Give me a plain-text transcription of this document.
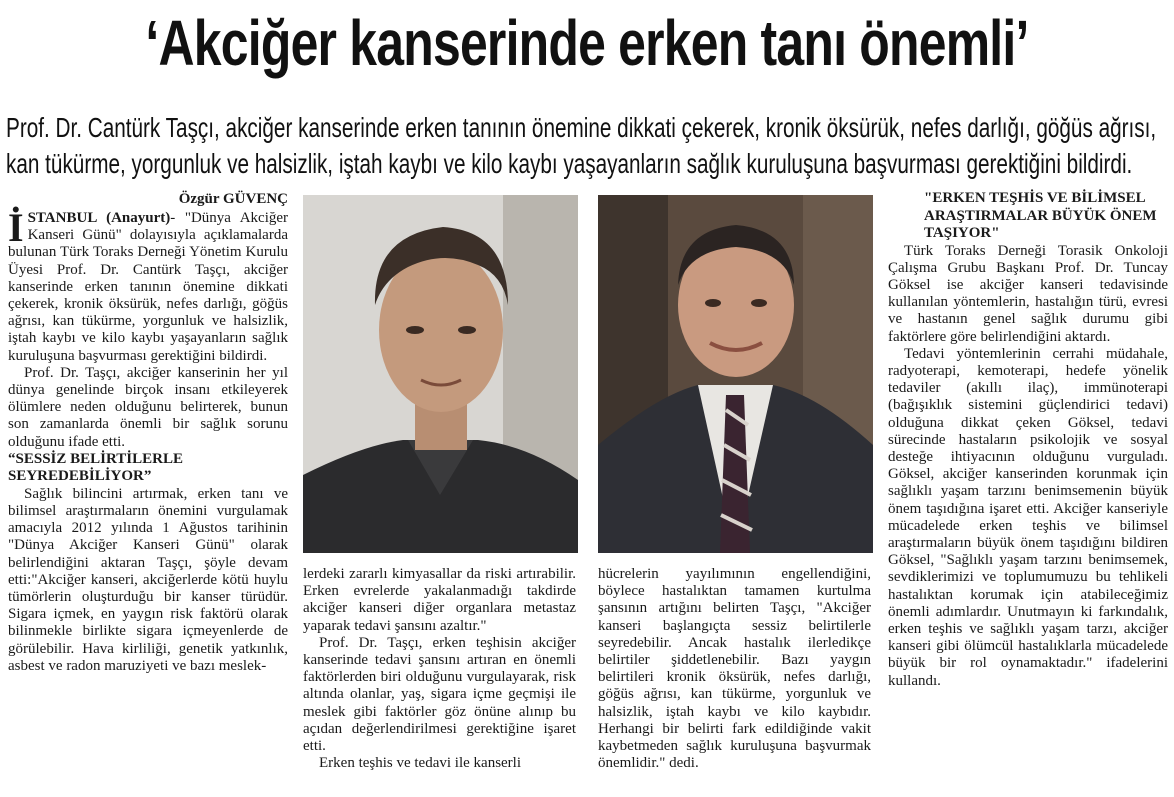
‘Akciğer kanserinde erken tanı önemli’
Prof. Dr. Cantürk Taşçı, akciğer kanserinde erken tanının önemine dikkati çekerek, kronik öksürük, nefes darlığı, göğüs ağrısı,
kan tükürme, yorgunluk ve halsizlik, iştah kaybı ve kilo kaybı yaşayanların sağlık kuruluşuna başvurması gerektiğini bildirdi.
Özgür GÜVENÇ

İSTANBUL (Anayurt)- "Dünya Akciğer Kanseri Günü" dolayısıyla açıklamalarda bulunan Türk Toraks Derneği Yönetim Kurulu Üyesi Prof. Dr. Cantürk Taşçı, akciğer kanserinde erken tanının önemine dikkati çekerek, kronik öksürük, nefes darlığı, göğüs ağrısı, kan tükürme, yorgunluk ve halsizlik, iştah kaybı ve kilo kaybı yaşayanların sağlık kuruluşuna başvurması gerektiğini bildirdi.

Prof. Dr. Taşçı, akciğer kanserinin her yıl dünya genelinde birçok insanı etkileyerek ölümlere neden olduğunu belirterek, bunun son zamanlarda önemli bir sağlık sorunu olduğunu ifade etti.

“SESSİZ BELİRTİLERLE SEYREDEBİLİYOR”

Sağlık bilincini artırmak, erken tanı ve bilimsel araştırmaların önemini vurgulamak amacıyla 2012 yılında 1 Ağustos tarihinin "Dünya Akciğer Kanseri Günü" olarak belirlendiğini aktaran Taşçı, şöyle devam etti:"Akciğer kanseri, akciğerlerde kötü huylu tümörlerin oluşturduğu bir kanser türüdür. Sigara içmek, en yaygın risk faktörü olarak bilinmekle birlikte sigara içmeyenlerde de görülebilir. Hava kirliliği, genetik yatkınlık, asbest ve radon maruziyeti ve bazı meslek-

lerdeki zararlı kimyasallar da riski artırabilir. Erken evrelerde yakalanmadığı takdirde akciğer kanseri diğer organlara metastaz yaparak tedavi şansını azaltır."

Prof. Dr. Taşçı, erken teşhisin akciğer kanserinde tedavi şansını artıran en önemli faktörlerden biri olduğunu vurgulayarak, risk altında olanlar, yaş, sigara içme geçmişi ile meslek gibi faktörler göz önüne alınıp bu açıdan değerlendirilmesi gerektiğine işaret etti.

Erken teşhis ve tedavi ile kanserli

hücrelerin yayılımının engellendiğini, böylece hastalıktan tamamen kurtulma şansının artığını belirten Taşçı, "Akciğer kanseri başlangıçta sessiz belirtilerle seyredebilir. Ancak hastalık ilerledikçe belirtiler şiddetlenebilir. Bazı yaygın belirtileri kronik öksürük, nefes darlığı, göğüs ağrısı, kan tükürme, yorgunluk ve halsizlik, iştah kaybı ve kilo kaybıdır. Herhangi bir belirti fark edildiğinde vakit kaybetmeden sağlık kuruluşuna başvurmak önemlidir." dedi.

"ERKEN TEŞHİS VE BİLİMSEL ARAŞTIRMALAR BÜYÜK ÖNEM TAŞIYOR"

Türk Toraks Derneği Torasik Onkoloji Çalışma Grubu Başkanı Prof. Dr. Tuncay Göksel ise akciğer kanseri tedavisinde kullanılan yöntemlerin, hastalığın türü, evresi ve hastanın genel sağlık durumu gibi faktörlere göre belirlendiğini aktardı.

Tedavi yöntemlerinin cerrahi müdahale, radyoterapi, kemoterapi, hedefe yönelik tedaviler (akıllı ilaç), immünoterapi (bağışıklık sistemini güçlendirici tedavi) olduğuna dikkat çeken Göksel, tedavi sürecinde hastaların psikolojik ve sosyal desteğe ihtiyacının olduğunu vurguladı. Göksel, akciğer kanserinden korunmak için sağlıklı yaşam tarzını benimsemenin büyük önem taşıdığına işaret etti. Akciğer kanseriyle mücadelede erken teşhis ve bilimsel araştırmaların büyük önem taşıdığını bildiren Göksel, "Sağlıklı yaşam tarzını benimsemek, sevdiklerimizi ve toplumumuzu bu tehlikeli hastalıktan korumak için atabileceğimiz önemli adımlardır. Unutmayın ki farkındalık, erken teşhis ve sağlıklı yaşam tarzı, akciğer kanseri gibi ölümcül hastalıklarla mücadelede büyük bir rol oynamaktadır." ifadelerini kullandı.
